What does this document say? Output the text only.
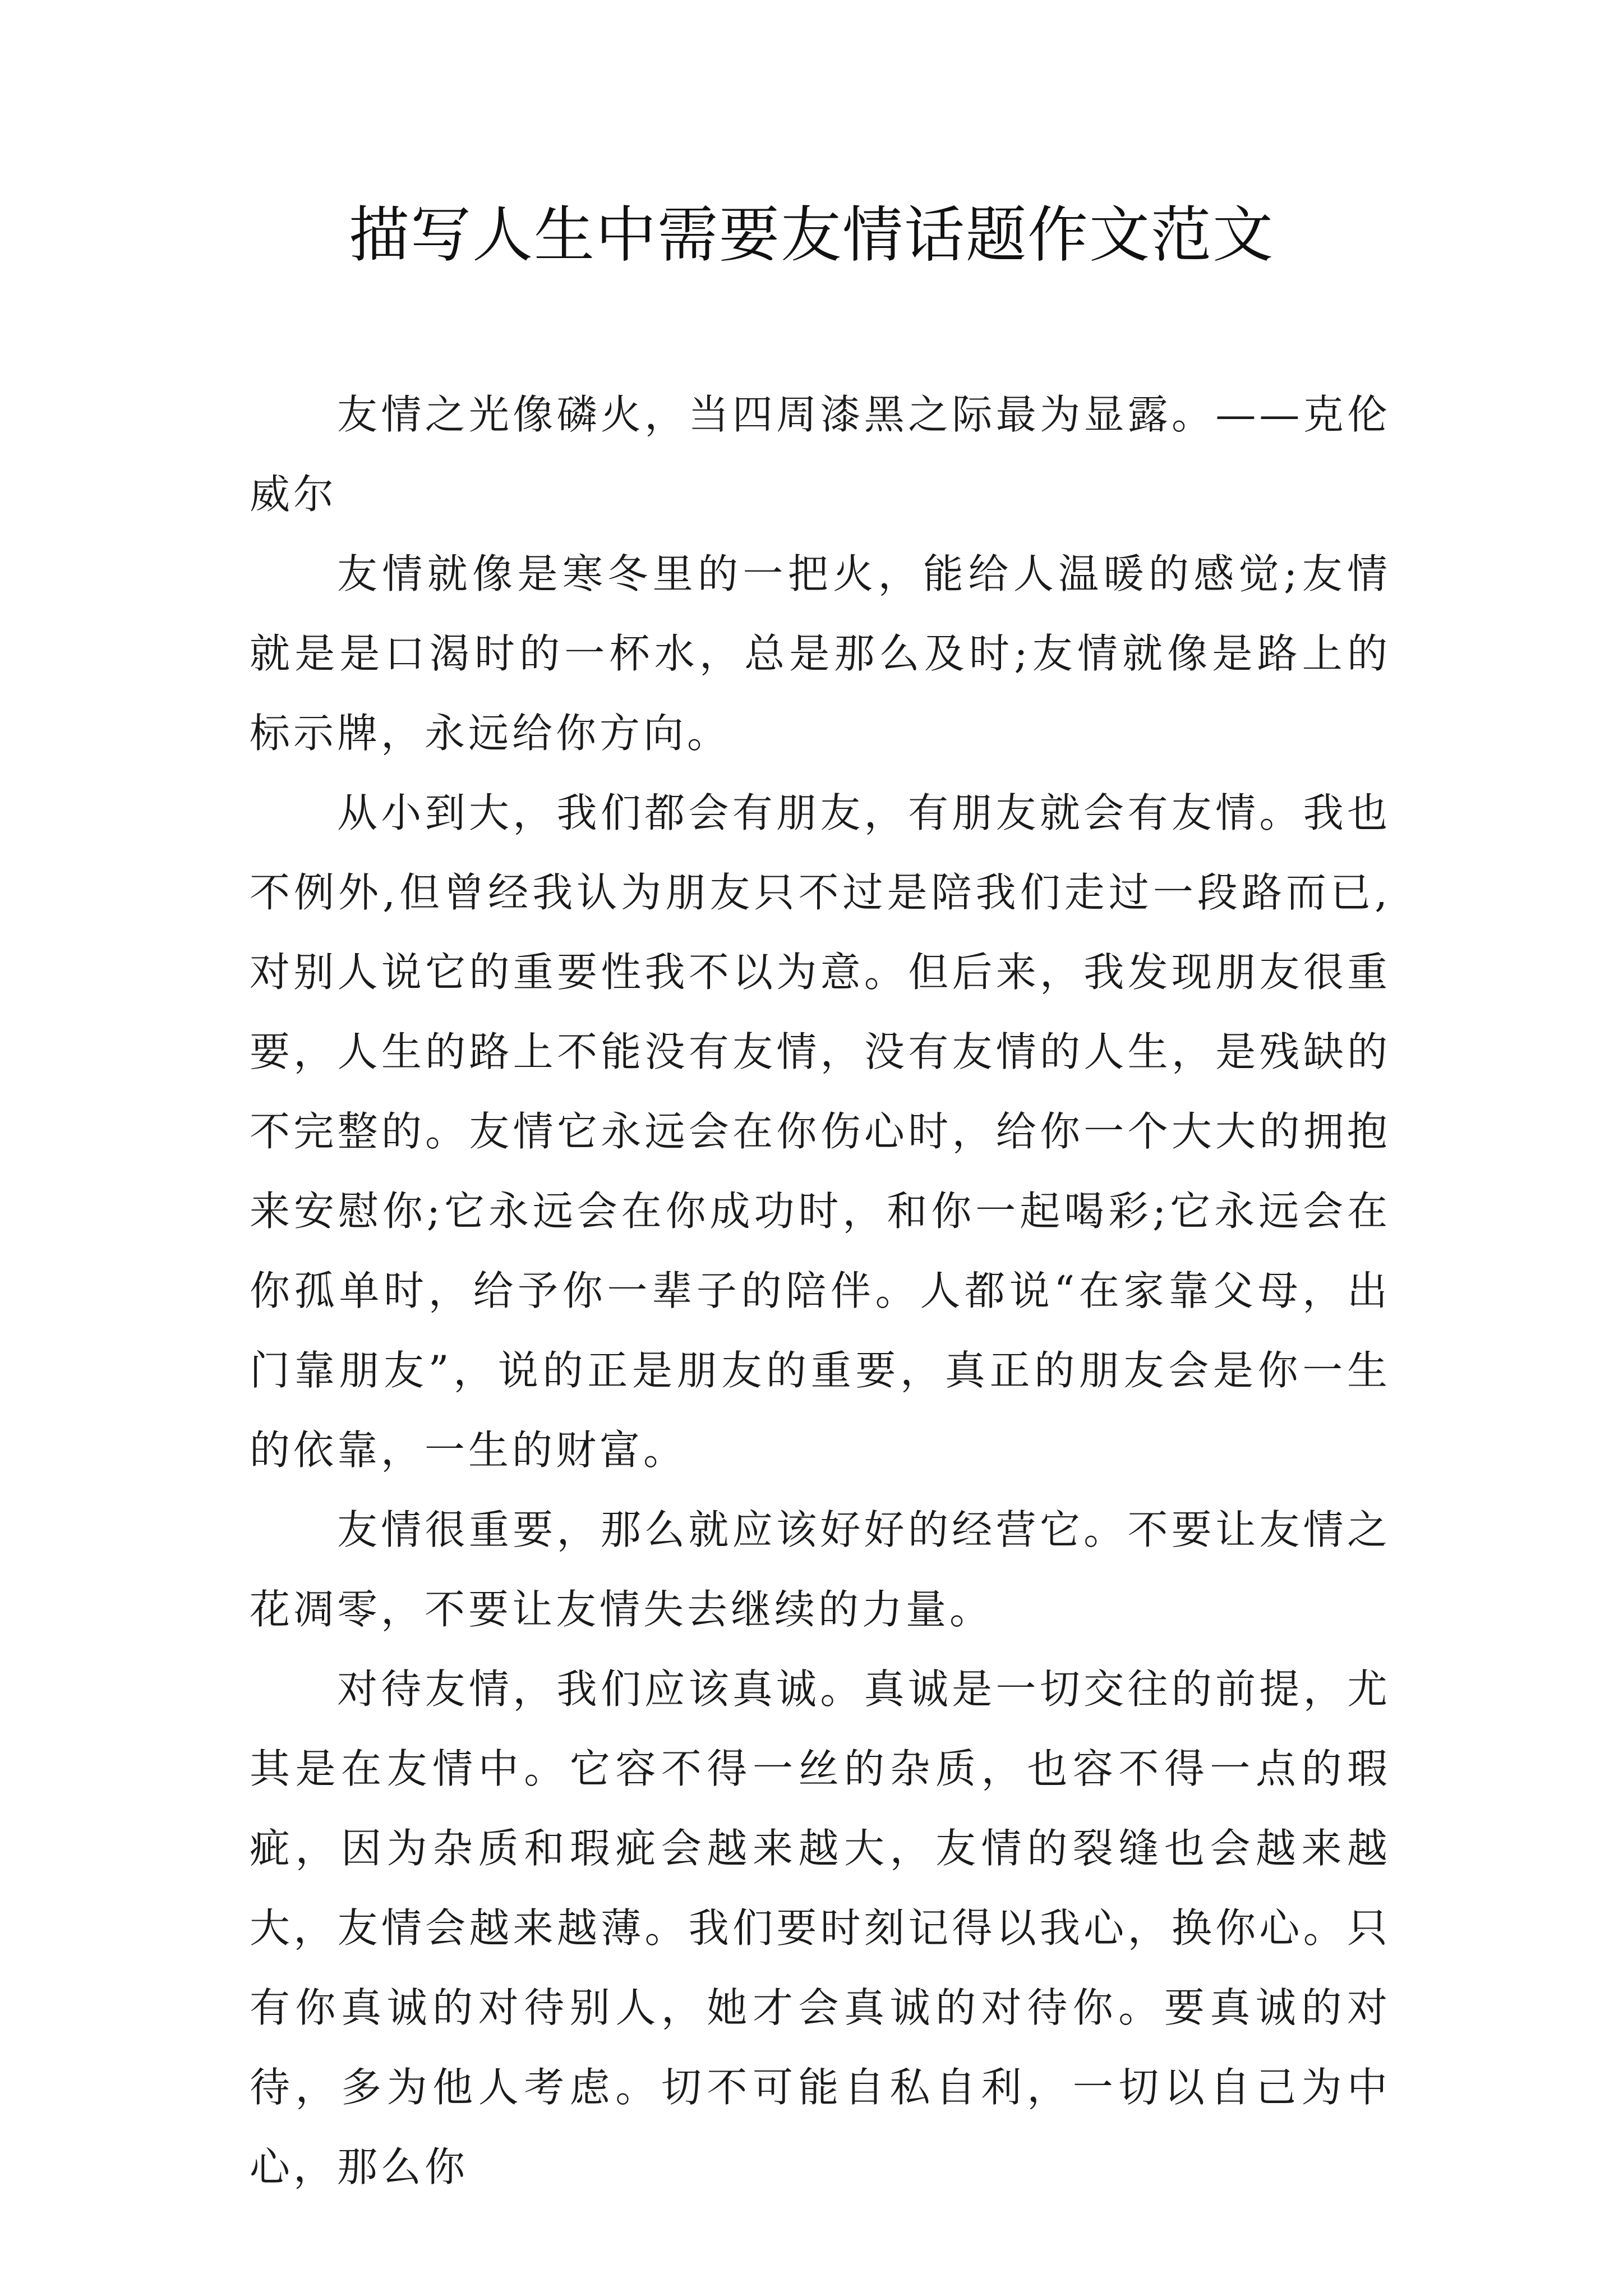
描写人生中需要友情话题作文范文

友情之光像磷火，当四周漆黑之际最为显露。——克伦威尔

友情就像是寒冬里的一把火，能给人温暖的感觉;友情就是是口渴时的一杯水，总是那么及时;友情就像是路上的标示牌，永远给你方向。

从小到大，我们都会有朋友，有朋友就会有友情。我也不例外,但曾经我认为朋友只不过是陪我们走过一段路而已,对别人说它的重要性我不以为意。但后来，我发现朋友很重要，人生的路上不能没有友情，没有友情的人生，是残缺的不完整的。友情它永远会在你伤心时，给你一个大大的拥抱来安慰你;它永远会在你成功时，和你一起喝彩;它永远会在你孤单时，给予你一辈子的陪伴。人都说“在家靠父母，出门靠朋友”，说的正是朋友的重要，真正的朋友会是你一生的依靠，一生的财富。

友情很重要，那么就应该好好的经营它。不要让友情之花凋零，不要让友情失去继续的力量。

对待友情，我们应该真诚。真诚是一切交往的前提，尤其是在友情中。它容不得一丝的杂质，也容不得一点的瑕疵，因为杂质和瑕疵会越来越大，友情的裂缝也会越来越大，友情会越来越薄。我们要时刻记得以我心，换你心。只有你真诚的对待别人，她才会真诚的对待你。要真诚的对待，多为他人考虑。切不可能自私自利，一切以自己为中心，那么你
